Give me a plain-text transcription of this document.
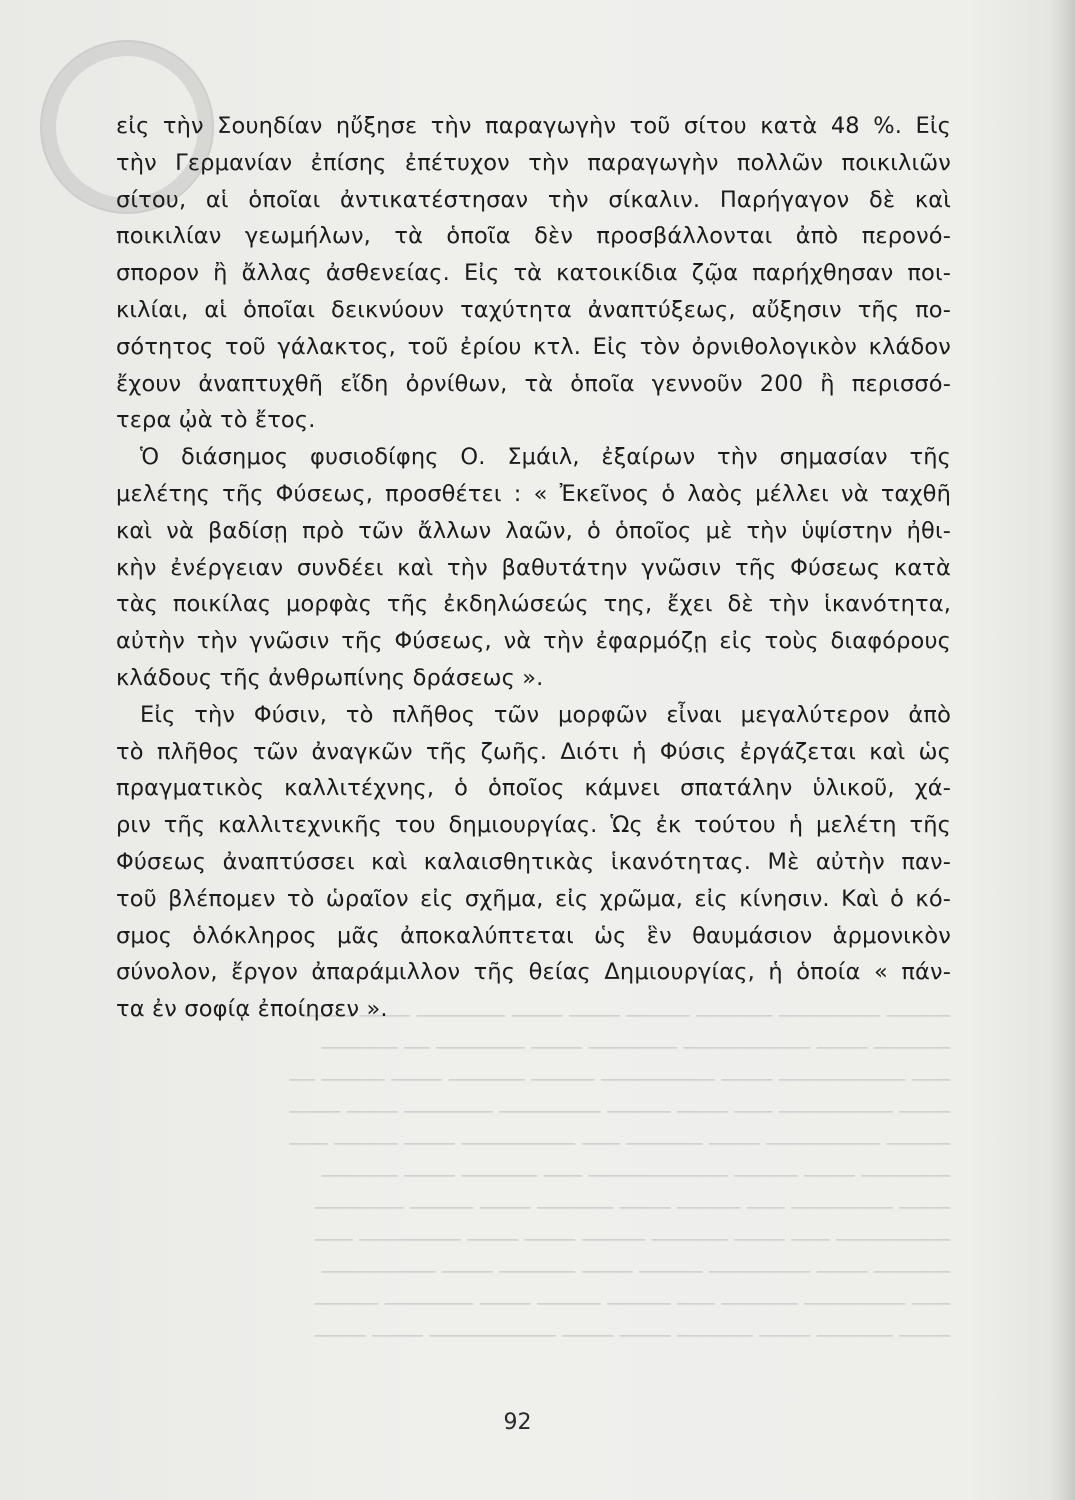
───── ──────── ────── ───── ──── ──── ─────── ──── ────
────── ──── ────────── ─────── ──── ─────── ── ──────
─── ────────── ──── ───────── ───── ────── ──── ───── ──
──── ───────── ─── ──── ───── ──────── ─────── ──── ────
───── ───────── ──── ────── ─── ───────── ──── ───── ───
─────── ──── ───── ─────────── ─── ────── ──── ──────
──── ──────── ─── ───── ──── ────── ──── ───── ───────
───────── ─── ──── ────── ───── ──── ──── ──────── ───
────── ──── ──────── ───── ──── ────── ──── ─────────
─── ──────── ────── ─── ───── ───── ──── ─────── ─────
──── ────── ──── ────── ──── ──── ────────── ──── ────
εἰς τὴν Σουηδίαν ηὔξησε τὴν παραγωγὴν τοῦ σίτου κατὰ 48 %. Εἰς
τὴν Γερμανίαν ἐπίσης ἐπέτυχον τὴν παραγωγὴν πολλῶν ποικιλιῶν
σίτου, αἱ ὁποῖαι ἀντικατέστησαν τὴν σίκαλιν. Παρήγαγον δὲ καὶ
ποικιλίαν γεωμήλων, τὰ ὁποῖα δὲν προσβάλλονται ἀπὸ περονό-
σπορον ἢ ἄλλας ἀσθενείας. Εἰς τὰ κατοικίδια ζῷα παρήχθησαν ποι-
κιλίαι, αἱ ὁποῖαι δεικνύουν ταχύτητα ἀναπτύξεως, αὔξησιν τῆς πο-
σότητος τοῦ γάλακτος, τοῦ ἐρίου κτλ. Εἰς τὸν ὀρνιθολογικὸν κλάδον
ἔχουν ἀναπτυχθῆ εἴδη ὀρνίθων, τὰ ὁποῖα γεννοῦν 200 ἢ περισσό-
τερα ᾠὰ τὸ ἔτος.
Ὁ διάσημος φυσιοδίφης Ο. Σμάιλ, ἐξαίρων τὴν σημασίαν τῆς
μελέτης τῆς Φύσεως, προσθέτει : « Ἐκεῖνος ὁ λαὸς μέλλει νὰ ταχθῆ
καὶ νὰ βαδίσῃ πρὸ τῶν ἄλλων λαῶν, ὁ ὁποῖος μὲ τὴν ὑψίστην ἠθι-
κὴν ἐνέργειαν συνδέει καὶ τὴν βαθυτάτην γνῶσιν τῆς Φύσεως κατὰ
τὰς ποικίλας μορφὰς τῆς ἐκδηλώσεώς της, ἔχει δὲ τὴν ἱκανότητα,
αὐτὴν τὴν γνῶσιν τῆς Φύσεως, νὰ τὴν ἐφαρμόζῃ εἰς τοὺς διαφόρους
κλάδους τῆς ἀνθρωπίνης δράσεως ».
Εἰς τὴν Φύσιν, τὸ πλῆθος τῶν μορφῶν εἶναι μεγαλύτερον ἀπὸ
τὸ πλῆθος τῶν ἀναγκῶν τῆς ζωῆς. Διότι ἡ Φύσις ἐργάζεται καὶ ὡς
πραγματικὸς καλλιτέχνης, ὁ ὁποῖος κάμνει σπατάλην ὑλικοῦ, χά-
ριν τῆς καλλιτεχνικῆς του δημιουργίας. Ὡς ἐκ τούτου ἡ μελέτη τῆς
Φύσεως ἀναπτύσσει καὶ καλαισθητικὰς ἱκανότητας. Μὲ αὐτὴν παν-
τοῦ βλέπομεν τὸ ὡραῖον εἰς σχῆμα, εἰς χρῶμα, εἰς κίνησιν. Καὶ ὁ κό-
σμος ὁλόκληρος μᾶς ἀποκαλύπτεται ὡς ἓν θαυμάσιον ἁρμονικὸν
σύνολον, ἔργον ἀπαράμιλλον τῆς θείας Δημιουργίας, ἡ ὁποία « πάν-
τα ἐν σοφίᾳ ἐποίησεν ».
92
